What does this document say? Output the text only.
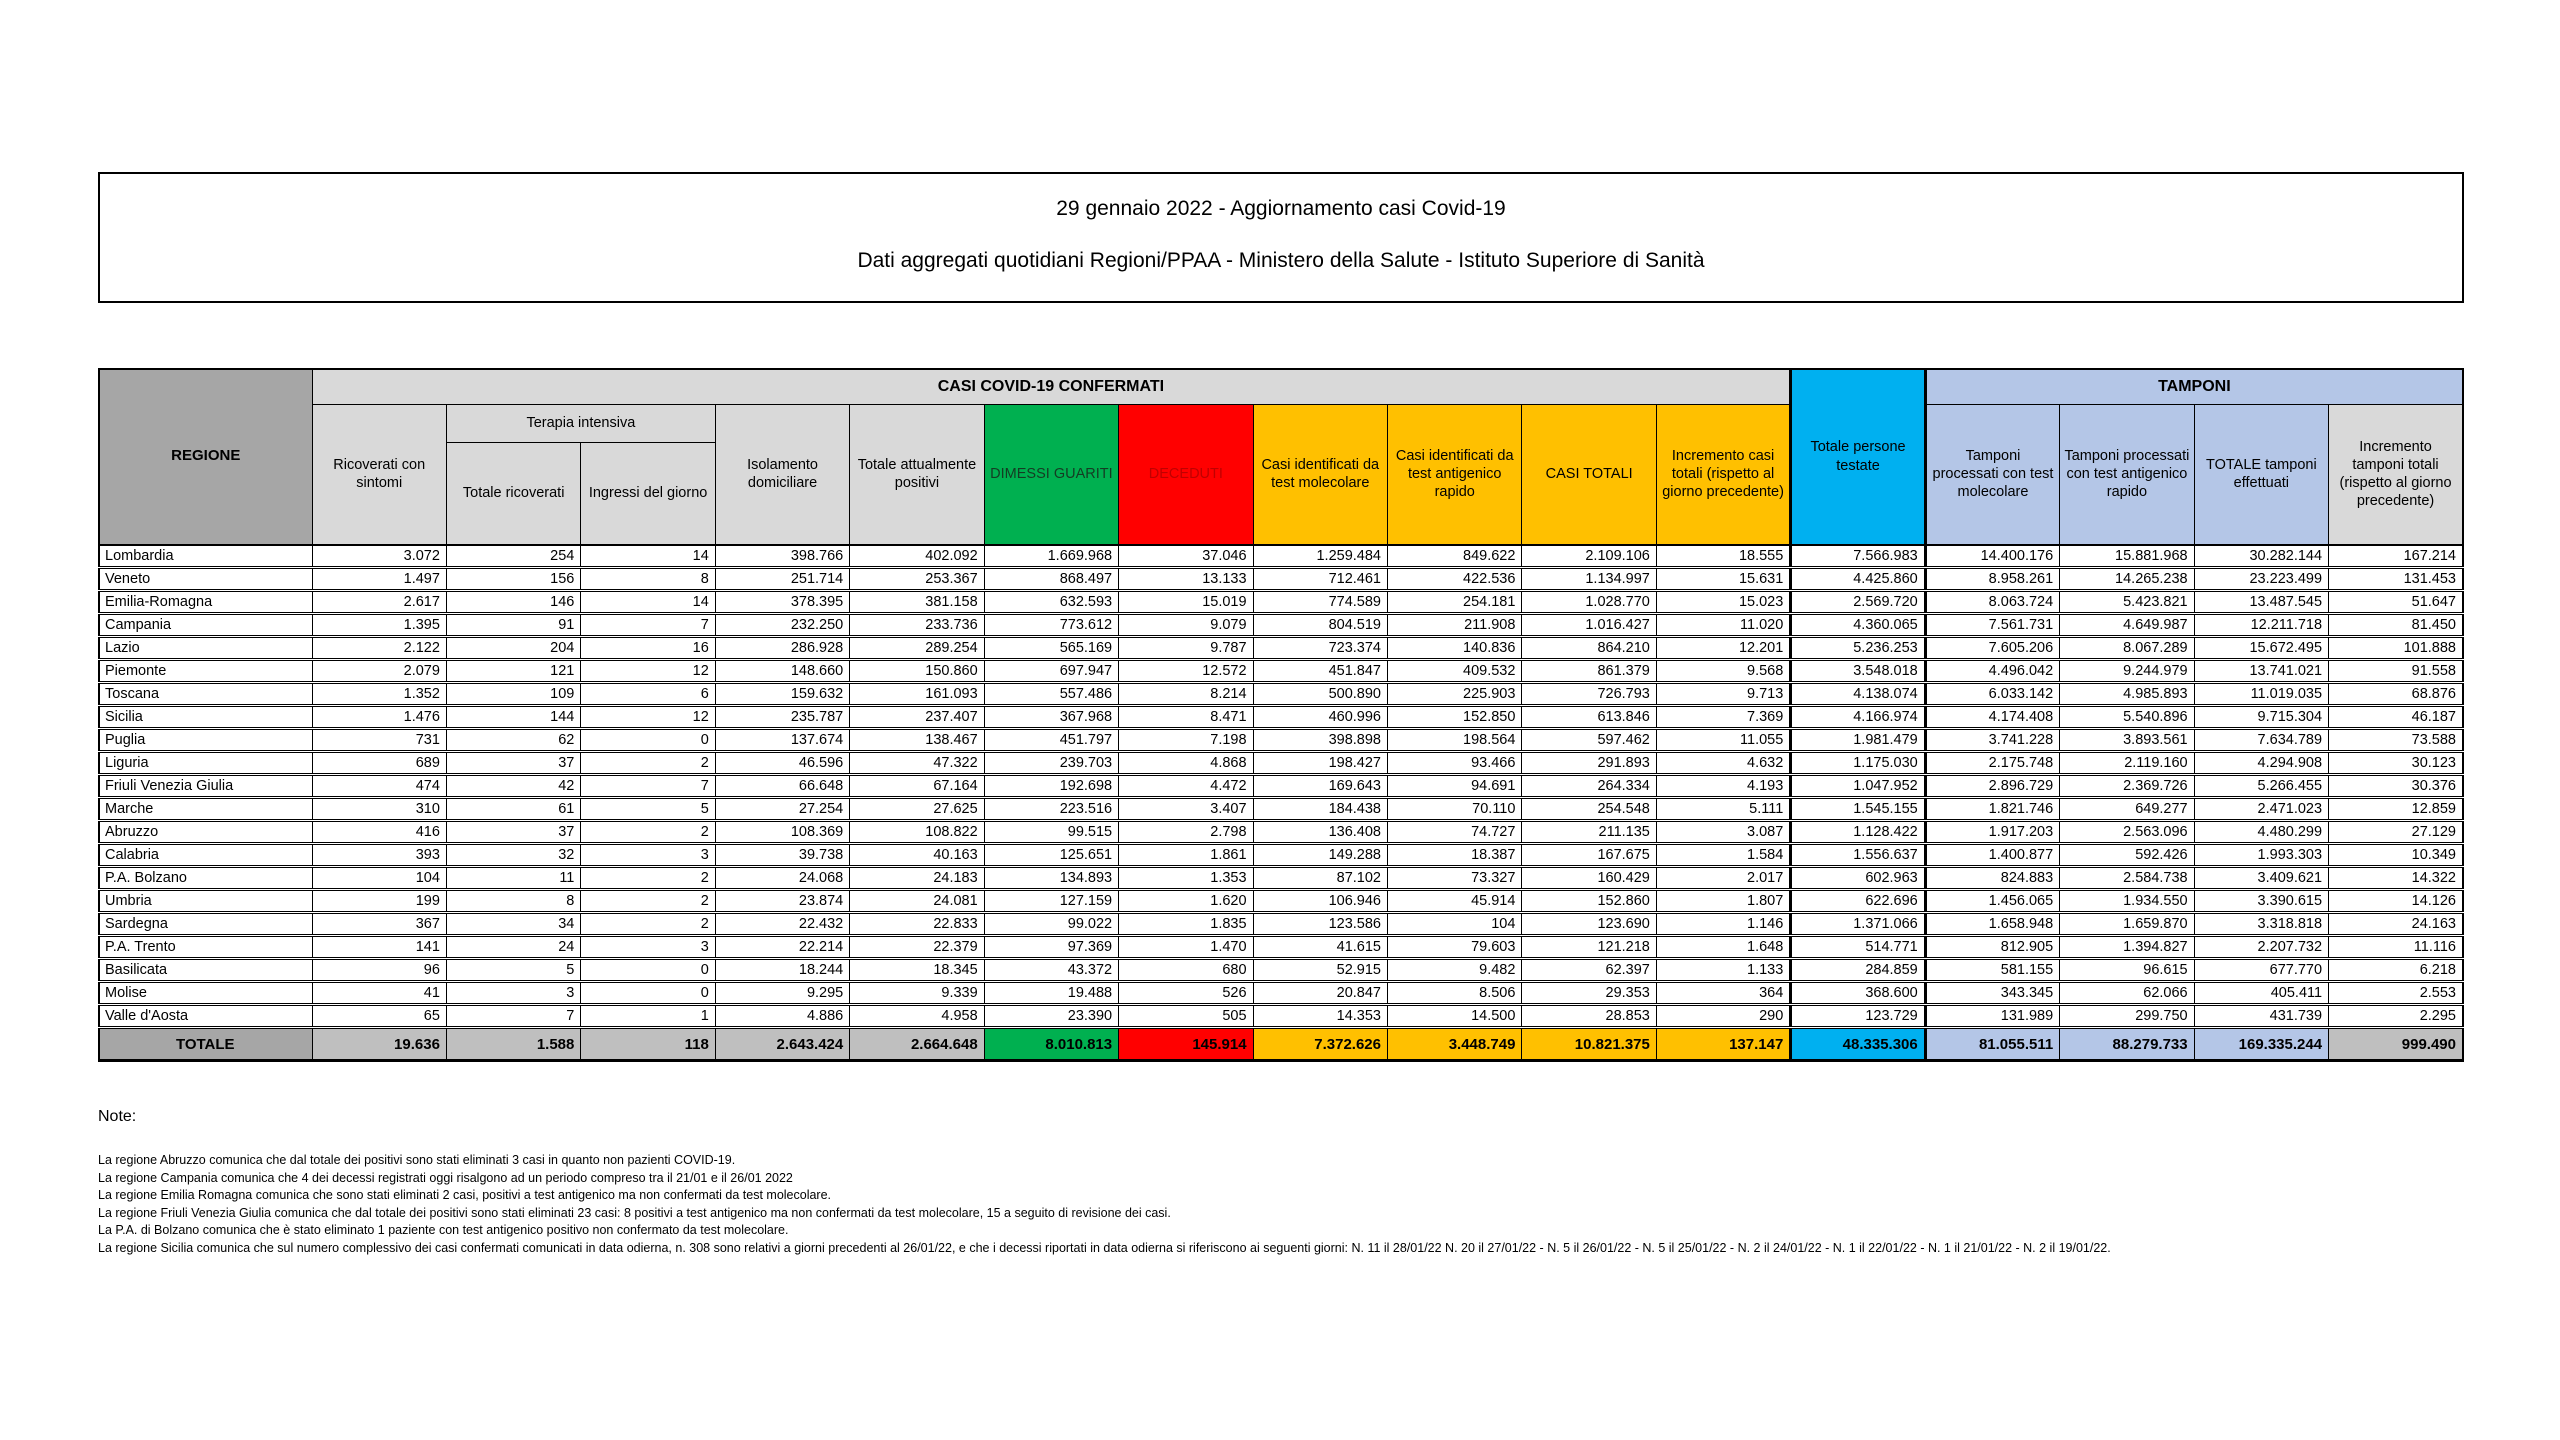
29 gennaio 2022 - Aggiornamento casi Covid-19

Dati aggregati quotidiani Regioni/PPAA - Ministero della Salute - Istituto Superiore di Sanità

REGIONE	CASI COVID-19 CONFERMATI											Totale persone testate	TAMPONI			
	Ricoverati con sintomi	Terapia intensiva		Isolamento domiciliare	Totale attualmente positivi	DIMESSI GUARITI	DECEDUTI	Casi identificati da test molecolare	Casi identificati da test antigenico rapido	CASI TOTALI	Incremento casi totali (rispetto al giorno precedente)		Tamponi processati con test molecolare	Tamponi processati con test antigenico rapido	TOTALE tamponi effettuati	Incremento tamponi totali (rispetto al giorno precedente)
		Totale ricoverati	Ingressi del giorno													
Lombardia	3.072	254	14	398.766	402.092	1.669.968	37.046	1.259.484	849.622	2.109.106	18.555	7.566.983	14.400.176	15.881.968	30.282.144	167.214
Veneto	1.497	156	8	251.714	253.367	868.497	13.133	712.461	422.536	1.134.997	15.631	4.425.860	8.958.261	14.265.238	23.223.499	131.453
Emilia-Romagna	2.617	146	14	378.395	381.158	632.593	15.019	774.589	254.181	1.028.770	15.023	2.569.720	8.063.724	5.423.821	13.487.545	51.647
Campania	1.395	91	7	232.250	233.736	773.612	9.079	804.519	211.908	1.016.427	11.020	4.360.065	7.561.731	4.649.987	12.211.718	81.450
Lazio	2.122	204	16	286.928	289.254	565.169	9.787	723.374	140.836	864.210	12.201	5.236.253	7.605.206	8.067.289	15.672.495	101.888
Piemonte	2.079	121	12	148.660	150.860	697.947	12.572	451.847	409.532	861.379	9.568	3.548.018	4.496.042	9.244.979	13.741.021	91.558
Toscana	1.352	109	6	159.632	161.093	557.486	8.214	500.890	225.903	726.793	9.713	4.138.074	6.033.142	4.985.893	11.019.035	68.876
Sicilia	1.476	144	12	235.787	237.407	367.968	8.471	460.996	152.850	613.846	7.369	4.166.974	4.174.408	5.540.896	9.715.304	46.187
Puglia	731	62	0	137.674	138.467	451.797	7.198	398.898	198.564	597.462	11.055	1.981.479	3.741.228	3.893.561	7.634.789	73.588
Liguria	689	37	2	46.596	47.322	239.703	4.868	198.427	93.466	291.893	4.632	1.175.030	2.175.748	2.119.160	4.294.908	30.123
Friuli Venezia Giulia	474	42	7	66.648	67.164	192.698	4.472	169.643	94.691	264.334	4.193	1.047.952	2.896.729	2.369.726	5.266.455	30.376
Marche	310	61	5	27.254	27.625	223.516	3.407	184.438	70.110	254.548	5.111	1.545.155	1.821.746	649.277	2.471.023	12.859
Abruzzo	416	37	2	108.369	108.822	99.515	2.798	136.408	74.727	211.135	3.087	1.128.422	1.917.203	2.563.096	4.480.299	27.129
Calabria	393	32	3	39.738	40.163	125.651	1.861	149.288	18.387	167.675	1.584	1.556.637	1.400.877	592.426	1.993.303	10.349
P.A. Bolzano	104	11	2	24.068	24.183	134.893	1.353	87.102	73.327	160.429	2.017	602.963	824.883	2.584.738	3.409.621	14.322
Umbria	199	8	2	23.874	24.081	127.159	1.620	106.946	45.914	152.860	1.807	622.696	1.456.065	1.934.550	3.390.615	14.126
Sardegna	367	34	2	22.432	22.833	99.022	1.835	123.586	104	123.690	1.146	1.371.066	1.658.948	1.659.870	3.318.818	24.163
P.A. Trento	141	24	3	22.214	22.379	97.369	1.470	41.615	79.603	121.218	1.648	514.771	812.905	1.394.827	2.207.732	11.116
Basilicata	96	5	0	18.244	18.345	43.372	680	52.915	9.482	62.397	1.133	284.859	581.155	96.615	677.770	6.218
Molise	41	3	0	9.295	9.339	19.488	526	20.847	8.506	29.353	364	368.600	343.345	62.066	405.411	2.553
Valle d'Aosta	65	7	1	4.886	4.958	23.390	505	14.353	14.500	28.853	290	123.729	131.989	299.750	431.739	2.295
TOTALE	19.636	1.588	118	2.643.424	2.664.648	8.010.813	145.914	7.372.626	3.448.749	10.821.375	137.147	48.335.306	81.055.511	88.279.733	169.335.244	999.490
Note:

La regione Abruzzo comunica che dal totale dei positivi sono stati eliminati 3 casi in quanto non pazienti COVID-19.

La regione Campania comunica che 4 dei decessi registrati oggi risalgono ad un periodo compreso tra il 21/01 e il 26/01 2022

La regione Emilia Romagna comunica che sono stati eliminati 2 casi, positivi a test antigenico ma non confermati da test molecolare.

La regione Friuli Venezia Giulia comunica che dal totale dei positivi sono stati eliminati 23 casi: 8 positivi a test antigenico ma non confermati da test molecolare, 15 a seguito di revisione dei casi.

La P.A. di Bolzano comunica che è stato eliminato 1 paziente con test antigenico positivo non confermato da test molecolare.

La regione Sicilia comunica che sul numero complessivo dei casi confermati comunicati in data odierna, n. 308 sono relativi a giorni precedenti al 26/01/22, e che i decessi riportati in data odierna si riferiscono ai seguenti giorni: N. 11 il 28/01/22 N. 20 il 27/01/22 - N. 5 il 26/01/22 - N. 5 il 25/01/22 - N. 2 il 24/01/22 - N. 1 il 22/01/22 - N. 1 il 21/01/22 - N. 2 il 19/01/22.
